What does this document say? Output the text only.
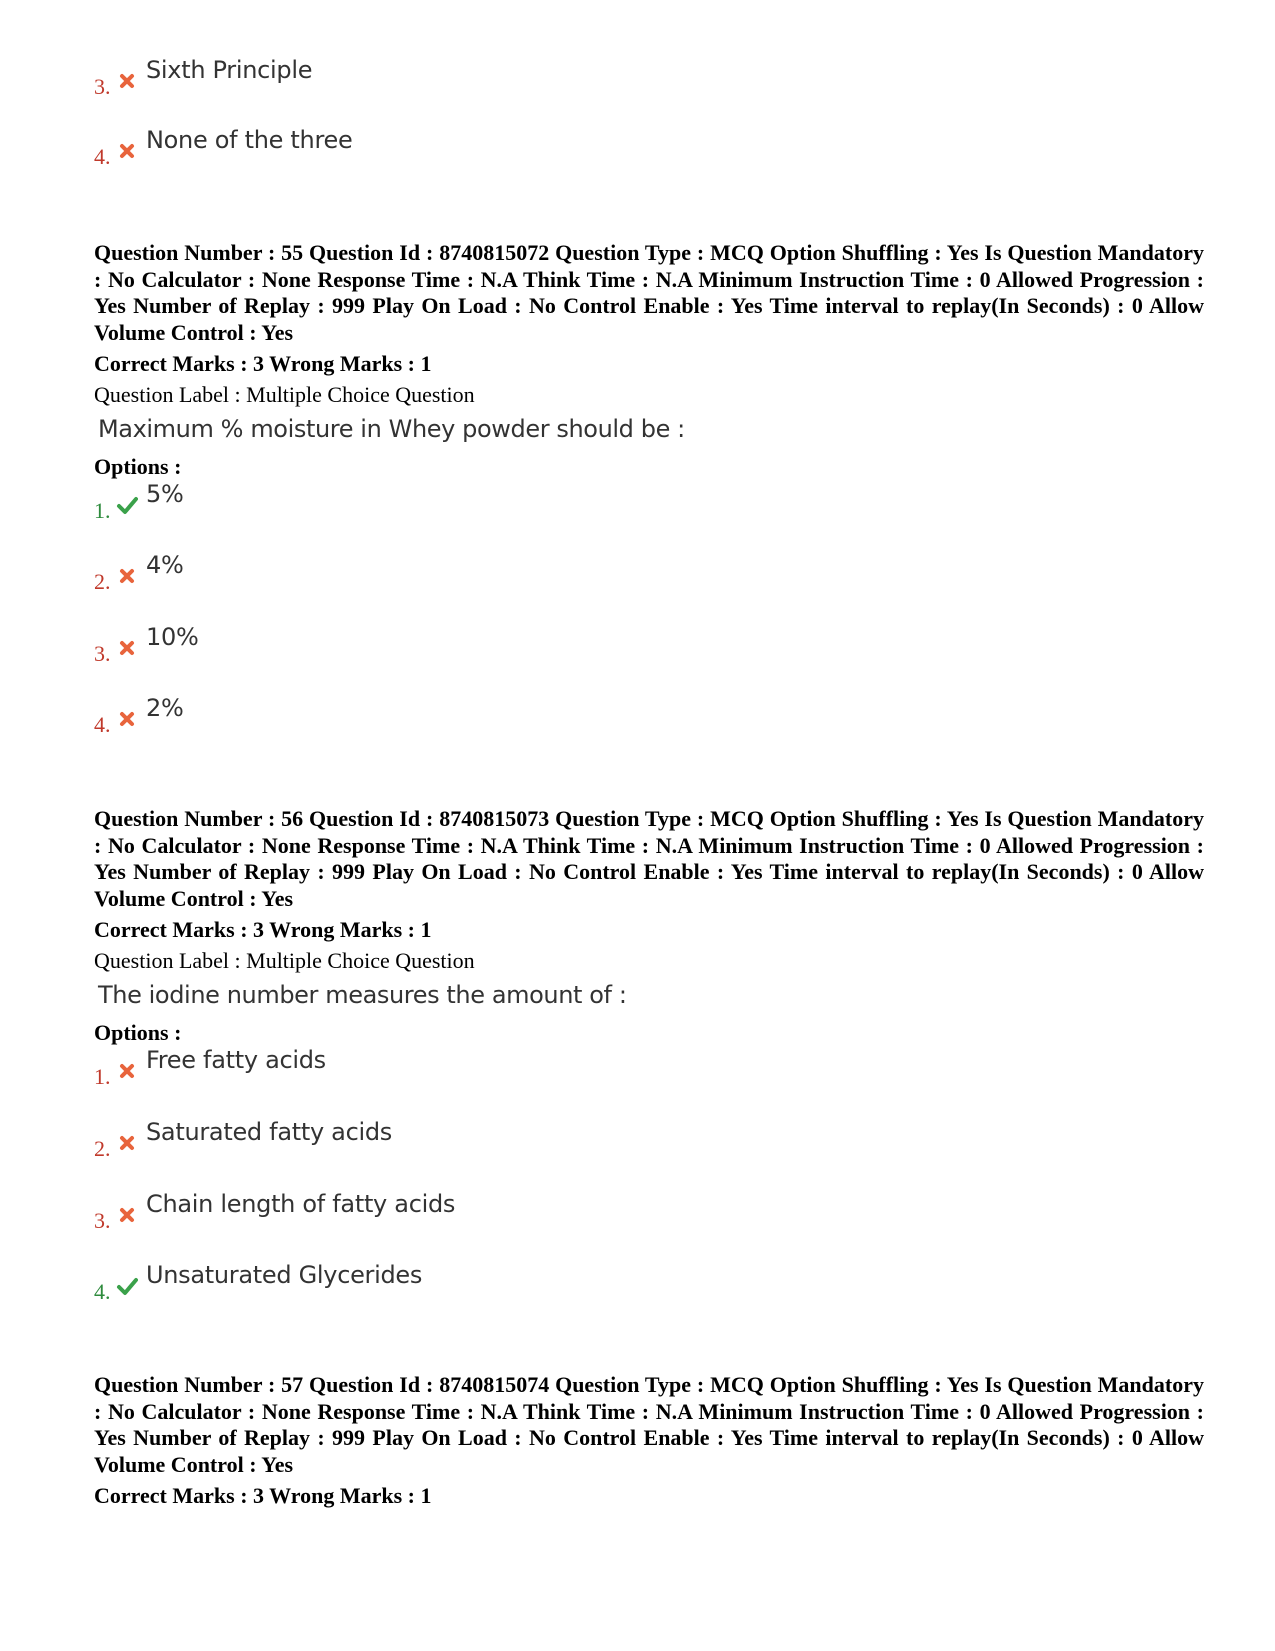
3.
Sixth Principle
4.
None of the three
Question Number : 55 Question Id : 8740815072 Question Type : MCQ Option Shuffling : Yes Is Question Mandatory : No Calculator : None Response Time : N.A Think Time : N.A Minimum Instruction Time : 0 Allowed Progression : Yes Number of Replay : 999 Play On Load : No Control Enable : Yes Time interval to replay(In Seconds) : 0 Allow Volume Control : Yes
Correct Marks : 3 Wrong Marks : 1
Question Label : Multiple Choice Question
Maximum % moisture in Whey powder should be :
Options :
1.
5%
2.
4%
3.
10%
4.
2%
Question Number : 56 Question Id : 8740815073 Question Type : MCQ Option Shuffling : Yes Is Question Mandatory : No Calculator : None Response Time : N.A Think Time : N.A Minimum Instruction Time : 0 Allowed Progression : Yes Number of Replay : 999 Play On Load : No Control Enable : Yes Time interval to replay(In Seconds) : 0 Allow Volume Control : Yes
Correct Marks : 3 Wrong Marks : 1
Question Label : Multiple Choice Question
The iodine number measures the amount of :
Options :
1.
Free fatty acids
2.
Saturated fatty acids
3.
Chain length of fatty acids
4.
Unsaturated Glycerides
Question Number : 57 Question Id : 8740815074 Question Type : MCQ Option Shuffling : Yes Is Question Mandatory : No Calculator : None Response Time : N.A Think Time : N.A Minimum Instruction Time : 0 Allowed Progression : Yes Number of Replay : 999 Play On Load : No Control Enable : Yes Time interval to replay(In Seconds) : 0 Allow Volume Control : Yes
Correct Marks : 3 Wrong Marks : 1
